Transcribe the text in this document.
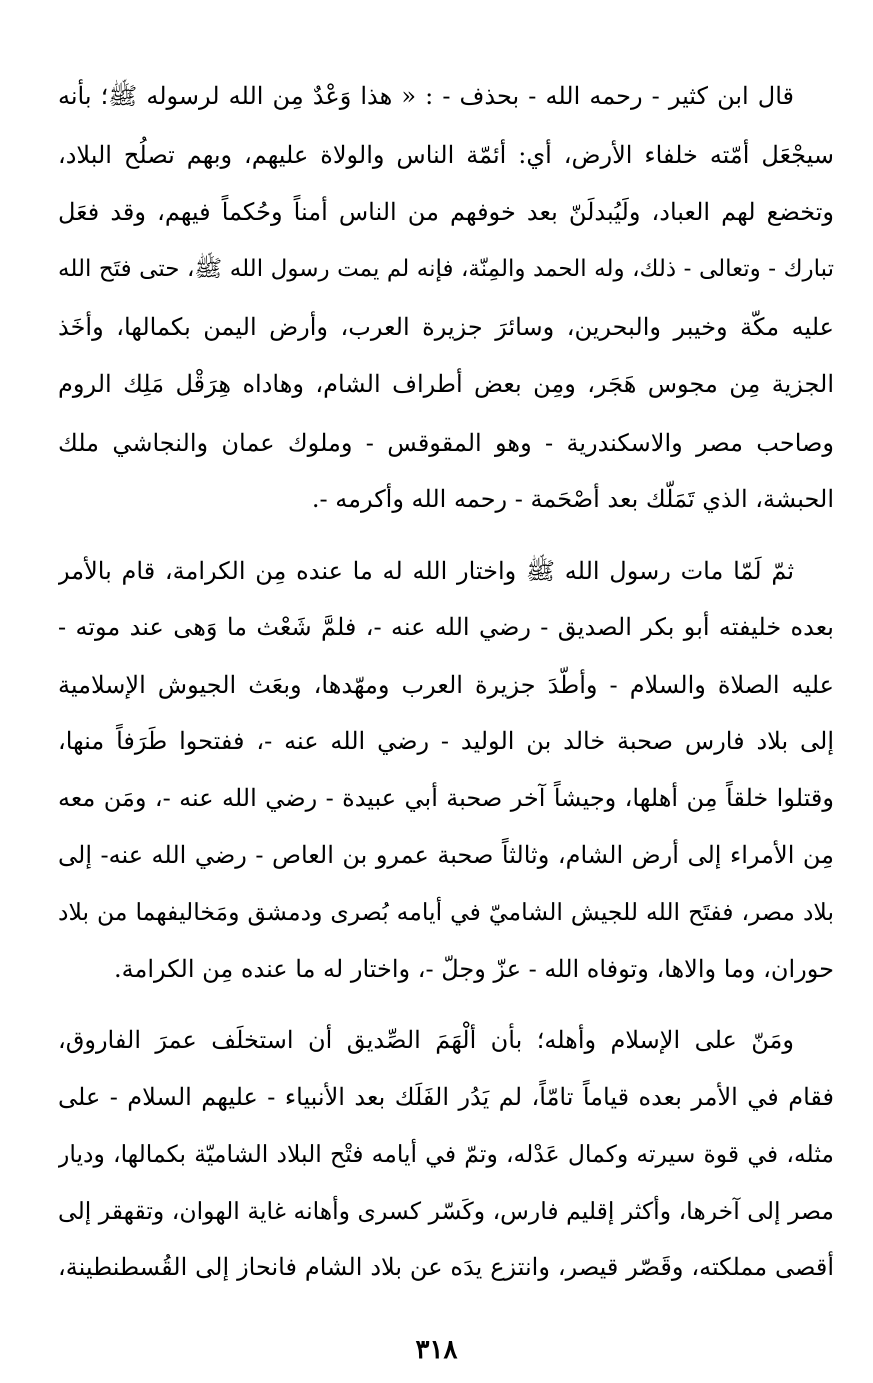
قال ابن كثير - رحمه الله - بحذف - : « هذا وَعْدٌ مِن الله لرسوله ﷺ؛ بأنه
سيجْعَل أمّته خلفاء الأرض، أي: أئمّة الناس والولاة عليهم، وبهم تصلُح البلاد،
وتخضع لهم العباد، ولَيُبدلَنّ بعد خوفهم من الناس أمناً وحُكماً فيهم، وقد فعَل
تبارك - وتعالى - ذلك، وله الحمد والمِنّة، فإنه لم يمت رسول الله ﷺ، حتى فتَح الله
عليه مكّة وخيبر والبحرين، وسائرَ جزيرة العرب، وأرض اليمن بكمالها، وأخَذ
الجزية مِن مجوس هَجَر، ومِن بعض أطراف الشام، وهاداه هِرَقْل مَلِك الروم
وصاحب مصر والاسكندرية - وهو المقوقس - وملوك عمان والنجاشي ملك
الحبشة، الذي تَمَلّك بعد أصْحَمة - رحمه الله وأكرمه -.
ثمّ لَمّا مات رسول الله ﷺ واختار الله له ما عنده مِن الكرامة، قام بالأمر
بعده خليفته أبو بكر الصديق - رضي الله عنه -، فلمَّ شَعْث ما وَهى عند موته -
عليه الصلاة والسلام - وأطّدَ جزيرة العرب ومهّدها، وبعَث الجيوش الإسلامية
إلى بلاد فارس صحبة خالد بن الوليد - رضي الله عنه -، ففتحوا طَرَفاً منها،
وقتلوا خلقاً مِن أهلها، وجيشاً آخر صحبة أبي عبيدة - رضي الله عنه -، ومَن معه
مِن الأمراء إلى أرض الشام، وثالثاً صحبة عمرو بن العاص - رضي الله عنه- إلى
بلاد مصر، ففتَح الله للجيش الشاميّ في أيامه بُصرى ودمشق ومَخاليفهما من بلاد
حوران، وما والاها، وتوفاه الله - عزّ وجلّ -، واختار له ما عنده مِن الكرامة.
ومَنّ على الإسلام وأهله؛ بأن ألْهَمَ الصِّديق أن استخلَف عمرَ الفاروق،
فقام في الأمر بعده قياماً تامّاً، لم يَدُر الفَلَك بعد الأنبياء - عليهم السلام - على
مثله، في قوة سيرته وكمال عَدْله، وتمّ في أيامه فتْح البلاد الشاميّة بكمالها، وديار
مصر إلى آخرها، وأكثر إقليم فارس، وكَسّر كسرى وأهانه غاية الهوان، وتقهقر إلى
أقصى مملكته، وقَصّر قيصر، وانتزع يدَه عن بلاد الشام فانحاز إلى القُسطنطينة،
٣١٨
